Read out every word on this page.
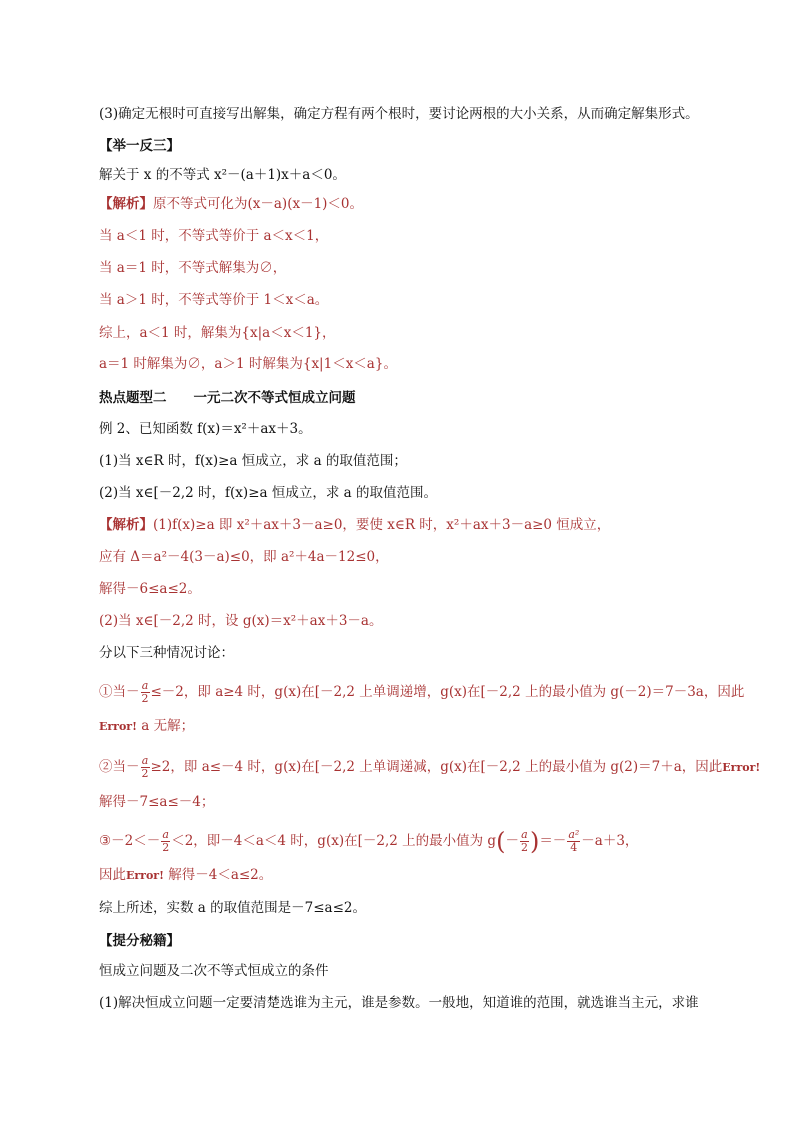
(3)确定无根时可直接写出解集，确定方程有两个根时，要讨论两根的大小关系，从而确定解集形式。
【举一反三】
解关于 x 的不等式 x²－(a＋1)x＋a＜0。
【解析】原不等式可化为(x－a)(x－1)＜0。
当 a＜1 时，不等式等价于 a＜x＜1，
当 a＝1 时，不等式解集为∅，
当 a＞1 时，不等式等价于 1＜x＜a。
综上，a＜1 时，解集为{x|a＜x＜1}，
a＝1 时解集为∅，a＞1 时解集为{x|1＜x＜a}。
热点题型二　　一元二次不等式恒成立问题
例 2、已知函数 f(x)＝x²＋ax＋3。
(1)当 x∈R 时，f(x)≥a 恒成立，求 a 的取值范围；
(2)当 x∈[－2,2 时，f(x)≥a 恒成立，求 a 的取值范围。
【解析】(1)f(x)≥a 即 x²＋ax＋3－a≥0，要使 x∈R 时，x²＋ax＋3－a≥0 恒成立，
应有 Δ＝a²－4(3－a)≤0，即 a²＋4a－12≤0，
解得－6≤a≤2。
(2)当 x∈[－2,2 时，设 g(x)＝x²＋ax＋3－a。
分以下三种情况讨论：
①当－ $\frac{a}{2} \le-2$，即 a≥4 时，g(x)在[－2,2 上单调递增，g(x)在[－2,2 上的最小值为 g(－2)＝7－3a，因此
Error! a 无解；
②当－ $\frac{a}{2} \ge 2$，即 a≤－4 时，g(x)在[－2,2 上单调递减，g(x)在[－2,2 上的最小值为 g(2)＝7＋a，因此Error!
解得－7≤a≤－4；
③－2＜－ $\frac{a}{2} <2$，即－4＜a＜4 时，g(x)在[－2,2 上的最小值为 $g(- \frac{a}{2}$ )＝－ $\frac{\text{a²}}{4} -a+3$，
因此Error! 解得－4＜a≤2。
综上所述，实数 a 的取值范围是－7≤a≤2。
【提分秘籍】
恒成立问题及二次不等式恒成立的条件
(1)解决恒成立问题一定要清楚选谁为主元，谁是参数。一般地，知道谁的范围，就选谁当主元，求谁
